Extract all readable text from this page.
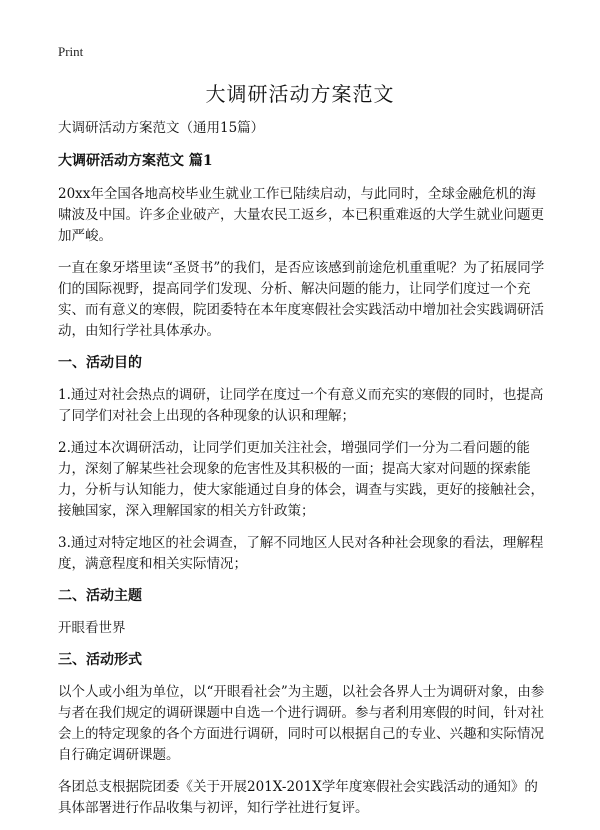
Print
大调研活动方案范文

大调研活动方案范文（通用15篇）

大调研活动方案范文 篇1

20xx年全国各地高校毕业生就业工作已陆续启动，与此同时，全球金融危机的海啸波及中国。许多企业破产，大量农民工返乡，本已积重难返的大学生就业问题更加严峻。

一直在象牙塔里读“圣贤书”的我们，是否应该感到前途危机重重呢？为了拓展同学们的国际视野，提高同学们发现、分析、解决问题的能力，让同学们度过一个充实、而有意义的寒假，院团委特在本年度寒假社会实践活动中增加社会实践调研活动，由知行学社具体承办。

一、活动目的

1.通过对社会热点的调研，让同学在度过一个有意义而充实的寒假的同时，也提高了同学们对社会上出现的各种现象的认识和理解；

2.通过本次调研活动，让同学们更加关注社会，增强同学们一分为二看问题的能力，深刻了解某些社会现象的危害性及其积极的一面；提高大家对问题的探索能力，分析与认知能力，使大家能通过自身的体会，调查与实践，更好的接触社会，接触国家，深入理解国家的相关方针政策；

3.通过对特定地区的社会调查，了解不同地区人民对各种社会现象的看法，理解程度，满意程度和相关实际情况；

二、活动主题

开眼看世界

三、活动形式

以个人或小组为单位，以“开眼看社会”为主题，以社会各界人士为调研对象，由参与者在我们规定的调研课题中自选一个进行调研。参与者利用寒假的时间，针对社会上的特定现象的各个方面进行调研，同时可以根据自己的专业、兴趣和实际情况自行确定调研课题。

各团总支根据院团委《关于开展201X-201X学年度寒假社会实践活动的通知》的具体部署进行作品收集与初评，知行学社进行复评。
